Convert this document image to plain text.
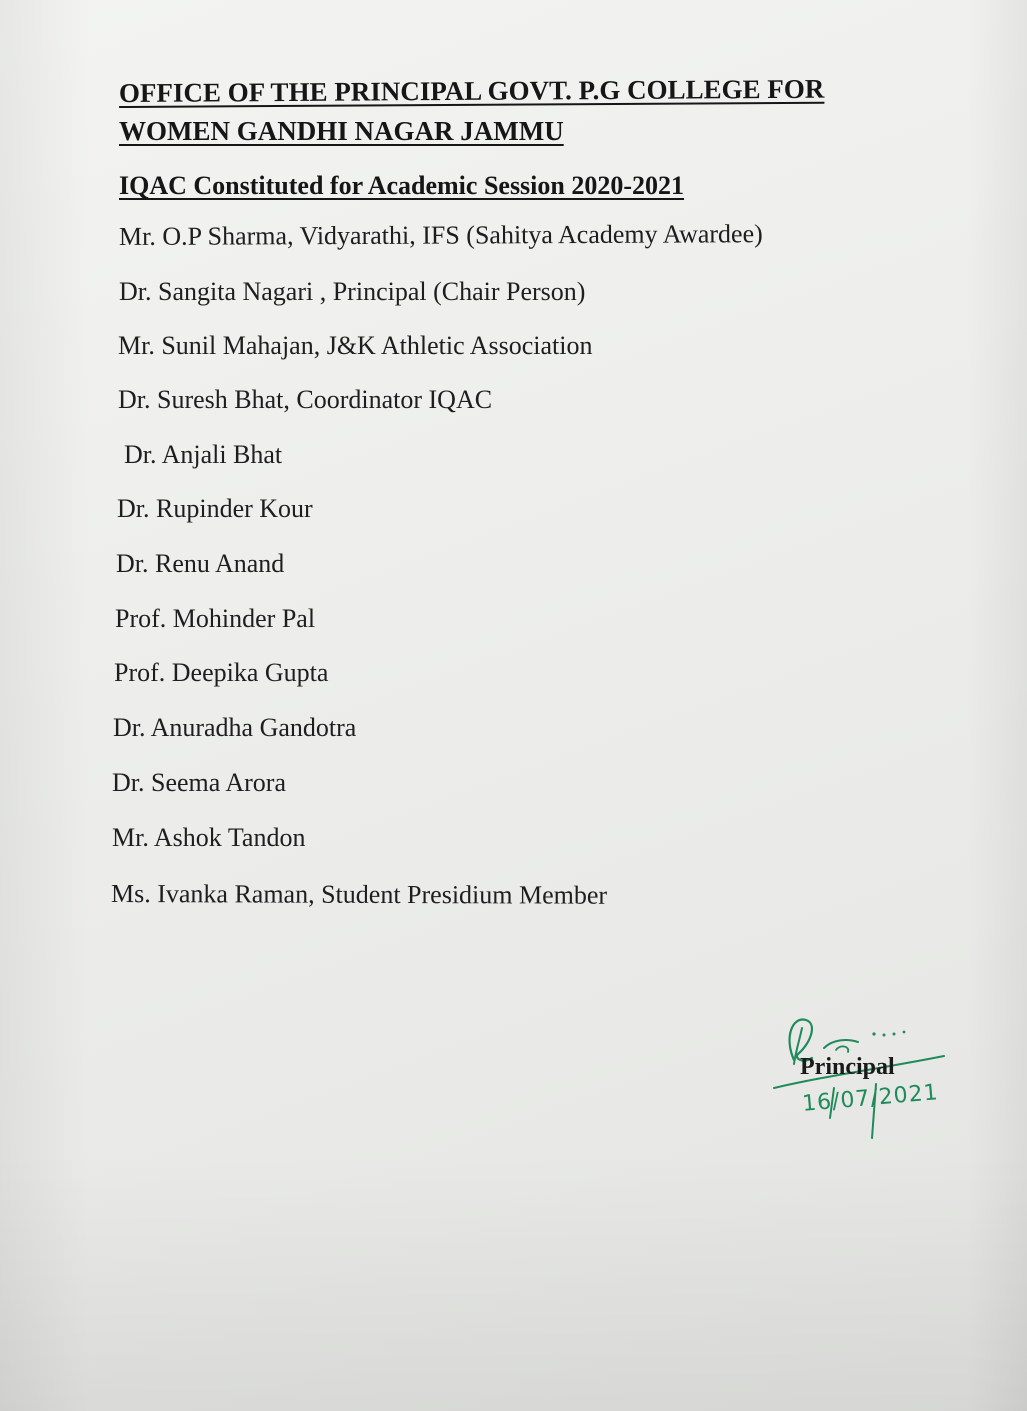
OFFICE OF THE PRINCIPAL GOVT. P.G COLLEGE FOR
WOMEN GANDHI NAGAR JAMMU
IQAC Constituted for Academic Session 2020-2021
Mr. O.P Sharma, Vidyarathi, IFS (Sahitya Academy Awardee)
Dr. Sangita Nagari , Principal (Chair Person)
Mr. Sunil Mahajan, J&K Athletic Association
Dr. Suresh Bhat, Coordinator IQAC
Dr. Anjali Bhat
Dr. Rupinder Kour
Dr. Renu Anand
Prof. Mohinder Pal
Prof. Deepika Gupta
Dr. Anuradha Gandotra
Dr. Seema Arora
Mr. Ashok Tandon
Ms. Ivanka Raman, Student Presidium Member
Principal
16/07/2021
